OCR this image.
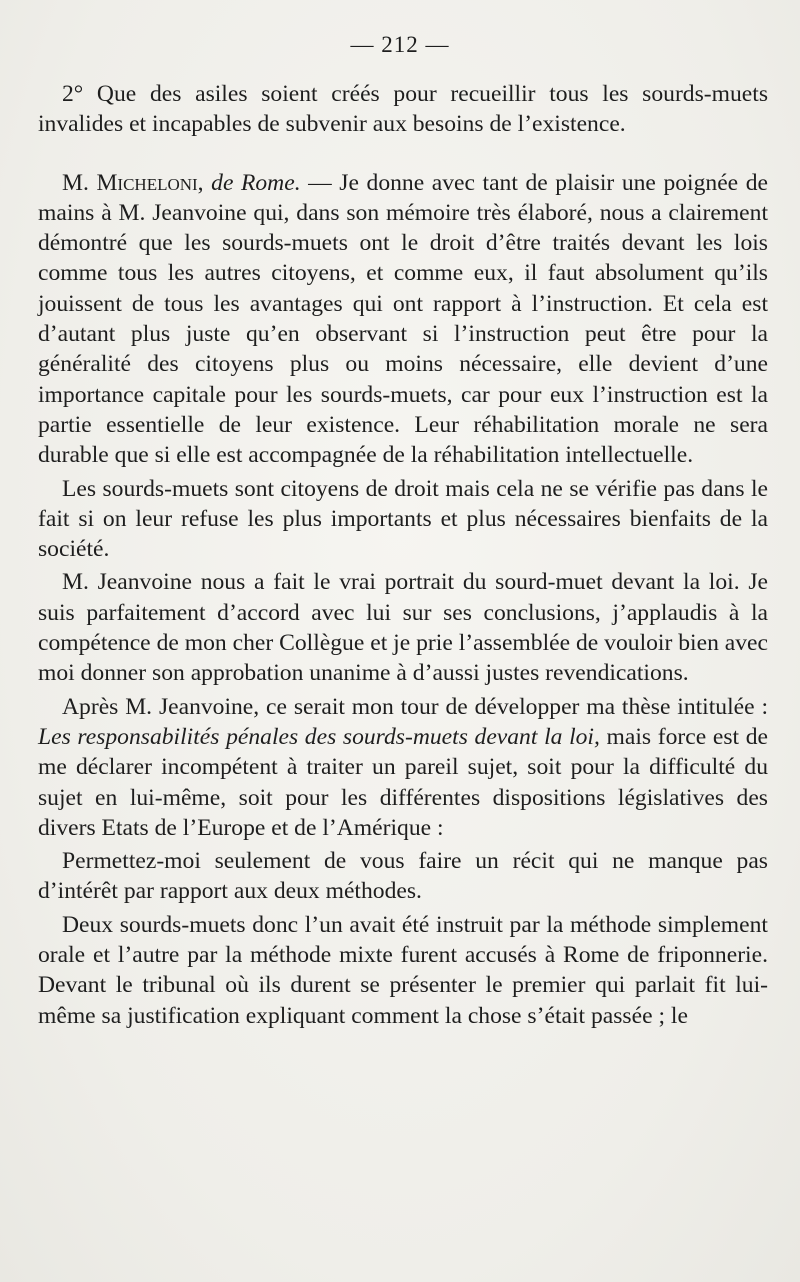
— 212 —

2° Que des asiles soient créés pour recueillir tous les sourds-muets invalides et incapables de subvenir aux besoins de l’existence.

M. Micheloni, de Rome. — Je donne avec tant de plaisir une poignée de mains à M. Jeanvoine qui, dans son mémoire très élaboré, nous a clairement démontré que les sourds-muets ont le droit d’être traités devant les lois comme tous les autres citoyens, et comme eux, il faut absolument qu’ils jouissent de tous les avantages qui ont rapport à l’instruction. Et cela est d’autant plus juste qu’en observant si l’instruction peut être pour la généralité des citoyens plus ou moins nécessaire, elle devient d’une importance capitale pour les sourds-muets, car pour eux l’instruction est la partie essentielle de leur existence. Leur réhabilitation morale ne sera durable que si elle est accompagnée de la réhabilitation intellectuelle.

Les sourds-muets sont citoyens de droit mais cela ne se vérifie pas dans le fait si on leur refuse les plus importants et plus nécessaires bienfaits de la société.

M. Jeanvoine nous a fait le vrai portrait du sourd-muet devant la loi. Je suis parfaitement d’accord avec lui sur ses conclusions, j’applaudis à la compétence de mon cher Collègue et je prie l’assemblée de vouloir bien avec moi donner son approbation unanime à d’aussi justes revendications.

Après M. Jeanvoine, ce serait mon tour de développer ma thèse intitulée : Les responsabilités pénales des sourds-muets devant la loi, mais force est de me déclarer incompétent à traiter un pareil sujet, soit pour la difficulté du sujet en lui-même, soit pour les différentes dispositions législatives des divers Etats de l’Europe et de l’Amérique :

Permettez-moi seulement de vous faire un récit qui ne manque pas d’intérêt par rapport aux deux méthodes.

Deux sourds-muets donc l’un avait été instruit par la méthode simplement orale et l’autre par la méthode mixte furent accusés à Rome de friponnerie. Devant le tribunal où ils durent se présenter le premier qui parlait fit lui-même sa justification expliquant comment la chose s’était passée ; le
